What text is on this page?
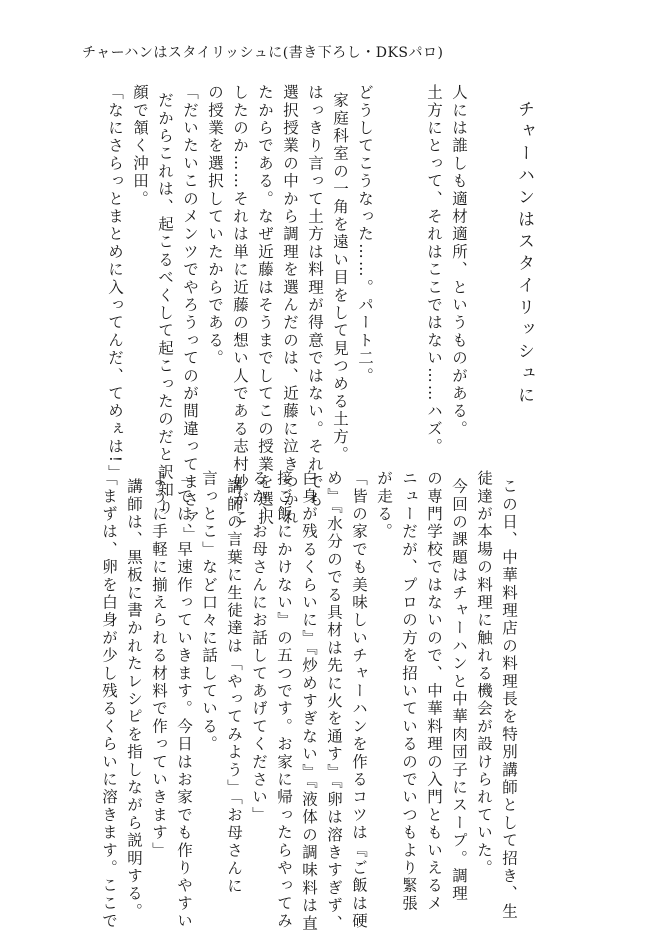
チャーハンはスタイリッシュに(書き下ろし・DKSパロ)
チャーハンはスタイリッシュに
人には誰しも適材適所、というものがある。
土方にとって、それはここではない……ハズ。
どうしてこうなった……。パート二。
家庭科室の一角を遠い目をして見つめる土方。
はっきり言って土方は料理が得意ではない。それでも
選択授業の中から調理を選んだのは、近藤に泣きつかれ
たからである。なぜ近藤はそうまでしてこの授業を選択
したのか……それは単に近藤の想い人である志村妙がこ
の授業を選択していたからである。
「だいたいこのメンツでやろうってのが間違ってまさァ」
だからこれは、起こるべくして起こったのだと訳知り
顔で頷く沖田。
「なにさらっとまとめに入ってんだ、てめぇは!」
この日、中華料理店の料理長を特別講師として招き、生
徒達が本場の料理に触れる機会が設けられていた。
今回の課題はチャーハンと中華肉団子にスープ。調理
の専門学校ではないので、中華料理の入門ともいえるメ
ニューだが、プロの方を招いているのでいつもより緊張
が走る。
「皆の家でも美味しいチャーハンを作るコツは『ご飯は硬
め』『水分のでる具材は先に火を通す』『卵は溶きすぎず、
白身が残るくらいに』『炒めすぎない』『液体の調味料は直
接ご飯にかけない』の五つです。お家に帰ったらやってみ
るか、お母さんにお話してあげてください」
講師の言葉に生徒達は「やってみよう」「お母さんに
言っとこ」など口々に話している。
「では、早速作っていきます。今日はお家でも作りやすい
ように手軽に揃えられる材料で作っていきます」
講師は、黒板に書かれたレシピを指しながら説明する。
「まずは、卵を白身が少し残るくらいに溶きます。ここで
